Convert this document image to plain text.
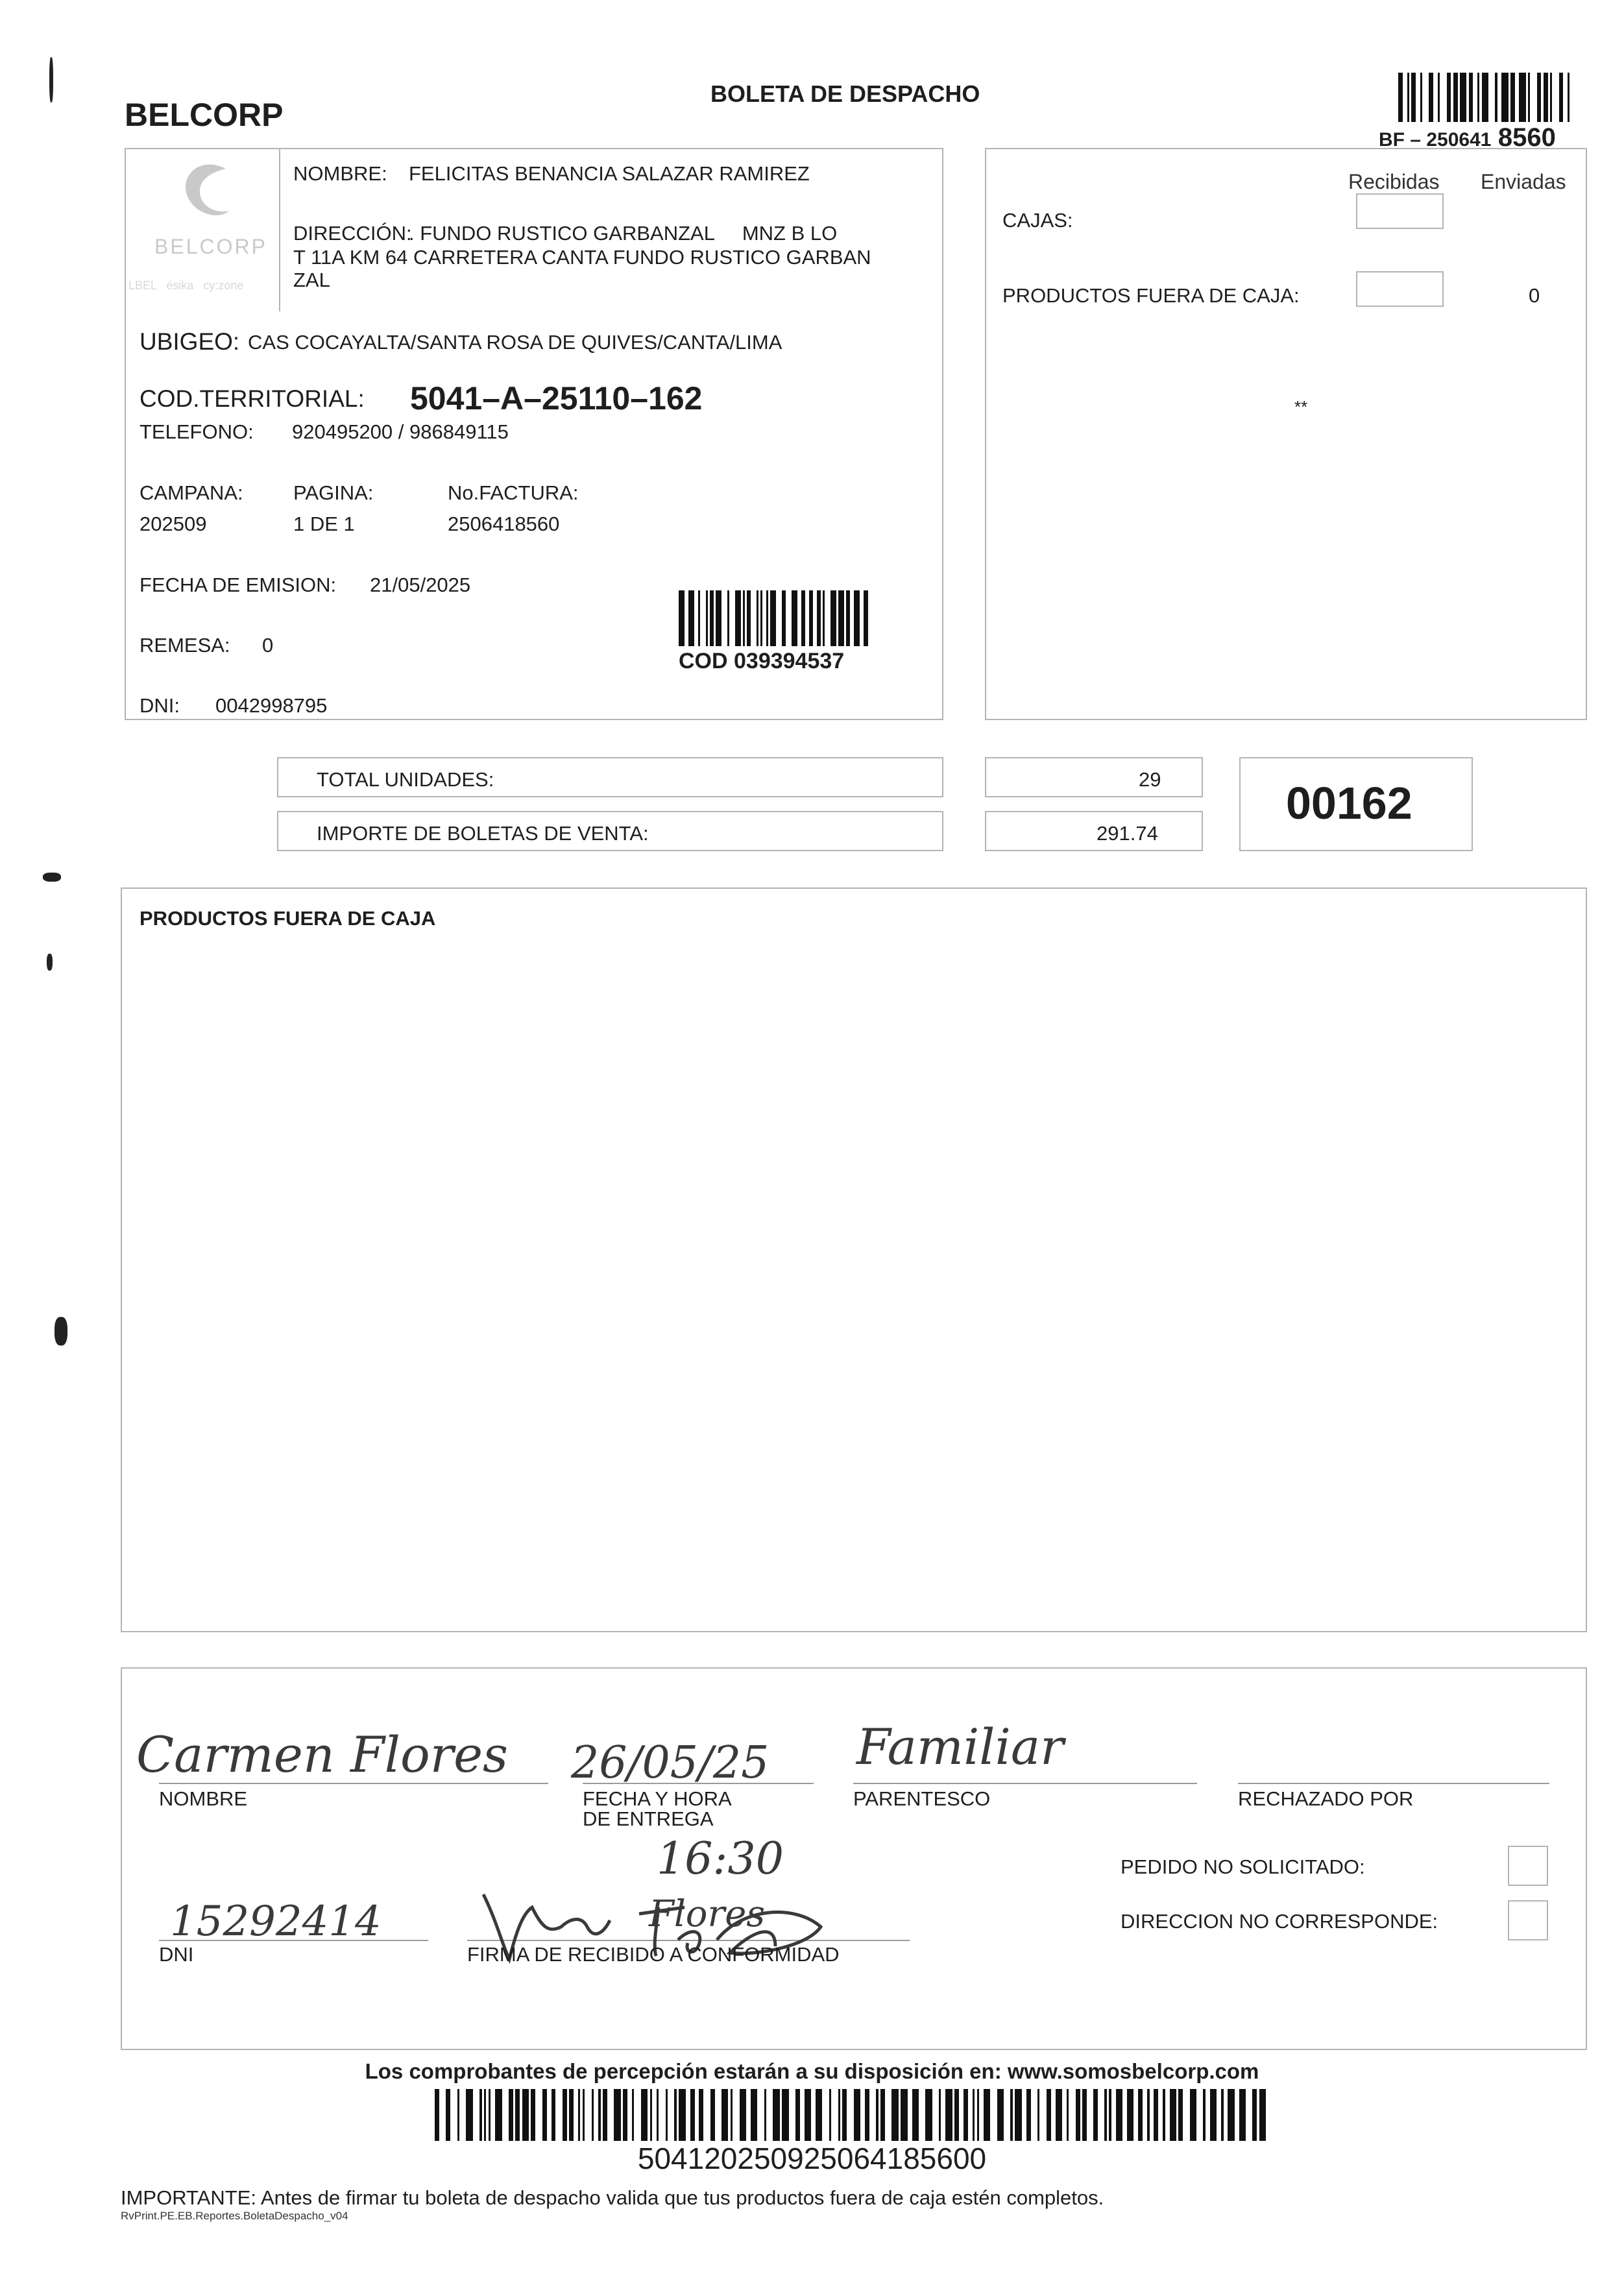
BELCORP
BOLETA DE DESPACHO
BF – 250641 8560
BELCORP
LBEL   ésika   cy:zone
NOMBRE: FELICITAS BENANCIA SALAZAR RAMIREZ
DIRECCIÓN:
. FUNDO RUSTICO GARBANZAL     MNZ B LO
T 11A KM 64 CARRETERA CANTA FUNDO RUSTICO GARBAN
ZAL
UBIGEO: CAS COCAYALTA/SANTA ROSA DE QUIVES/CANTA/LIMA
COD.TERRITORIAL: 5041–A–25110–162
TELEFONO: 920495200 / 986849115
CAMPANA:
202509
PAGINA:
1 DE 1
No.FACTURA:
2506418560
FECHA DE EMISION: 21/05/2025
REMESA: 0
COD 039394537
DNI: 0042998795
Recibidas Enviadas
CAJAS:
PRODUCTOS FUERA DE CAJA:	0
**
TOTAL UNIDADES:	29
IMPORTE DE BOLETAS DE VENTA:	291.74
00162
PRODUCTOS FUERA DE CAJA
Carmen Flores
NOMBRE
26/05/25
FECHA Y HORA
DE ENTREGA
16:30
Familiar
PARENTESCO	RECHAZADO POR
15292414
DNI
Flores
FIRMA DE RECIBIDO A CONFORMIDAD
PEDIDO NO SOLICITADO:
DIRECCION NO CORRESPONDE:
Los comprobantes de percepción estarán a su disposición en: www.somosbelcorp.com
504120250925064185600
IMPORTANTE: Antes de firmar tu boleta de despacho valida que tus productos fuera de caja estén completos.
RvPrint.PE.EB.Reportes.BoletaDespacho_v04
